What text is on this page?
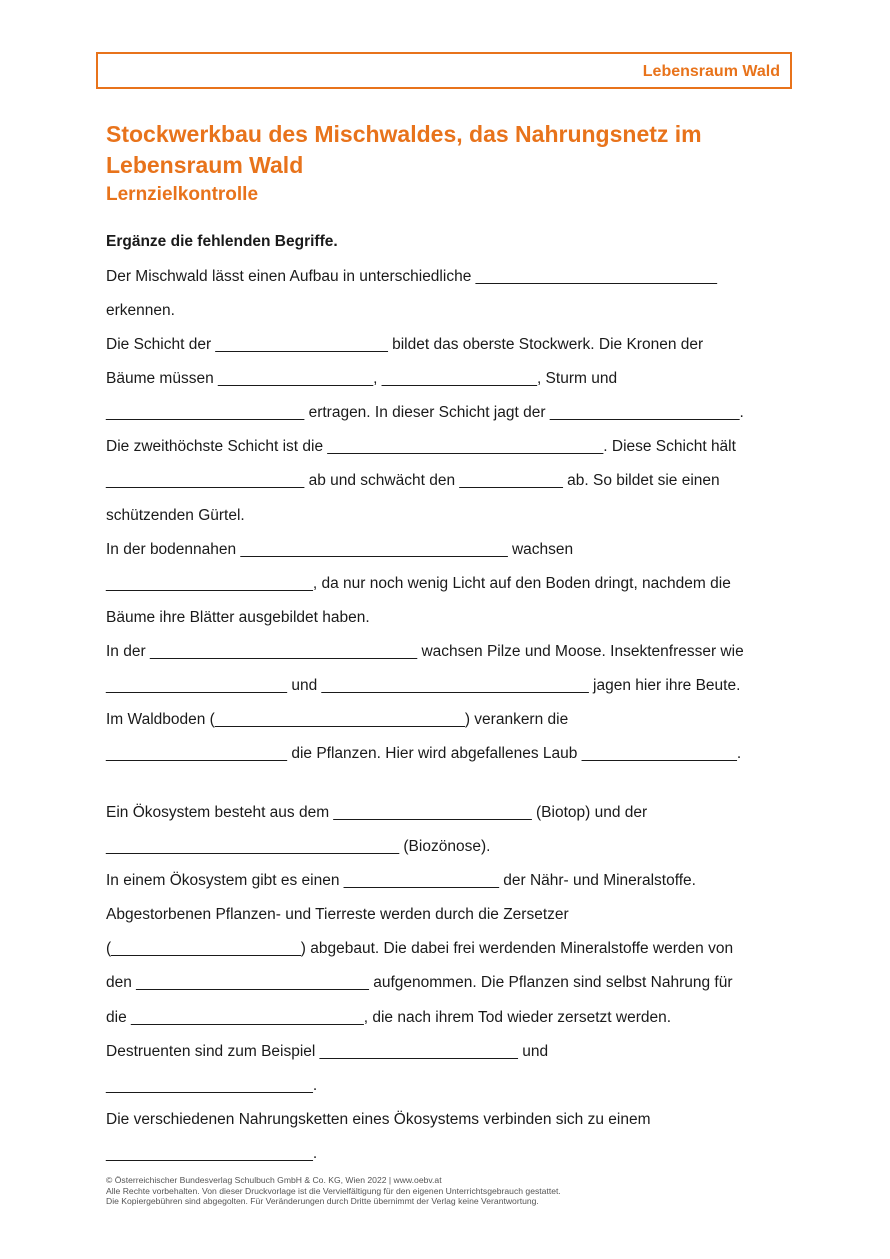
Lebensraum Wald
Stockwerkbau des Mischwaldes, das Nahrungsnetz im
Lebensraum Wald
Lernzielkontrolle
Ergänze die fehlenden Begriffe.
Der Mischwald lässt einen Aufbau in unterschiedliche ____________________________
erkennen.
Die Schicht der ____________________ bildet das oberste Stockwerk. Die Kronen der
Bäume müssen __________________, __________________, Sturm und
_______________________ ertragen. In dieser Schicht jagt der ______________________.
Die zweithöchste Schicht ist die ________________________________. Diese Schicht hält
_______________________ ab und schwächt den ____________ ab. So bildet sie einen
schützenden Gürtel.
In der bodennahen _______________________________ wachsen
________________________, da nur noch wenig Licht auf den Boden dringt, nachdem die
Bäume ihre Blätter ausgebildet haben.
In der _______________________________ wachsen Pilze und Moose. Insektenfresser wie
_____________________ und _______________________________ jagen hier ihre Beute.
Im Waldboden (_____________________________) verankern die
_____________________ die Pflanzen. Hier wird abgefallenes Laub __________________.
Ein Ökosystem besteht aus dem _______________________ (Biotop) und der
__________________________________ (Biozönose).
In einem Ökosystem gibt es einen __________________ der Nähr- und Mineralstoffe.
Abgestorbenen Pflanzen- und Tierreste werden durch die Zersetzer
(______________________) abgebaut. Die dabei frei werdenden Mineralstoffe werden von
den ___________________________ aufgenommen. Die Pflanzen sind selbst Nahrung für
die ___________________________, die nach ihrem Tod wieder zersetzt werden.
Destruenten sind zum Beispiel _______________________ und
________________________.
Die verschiedenen Nahrungsketten eines Ökosystems verbinden sich zu einem
________________________.
© Österreichischer Bundesverlag Schulbuch GmbH & Co. KG, Wien 2022 | www.oebv.at
Alle Rechte vorbehalten. Von dieser Druckvorlage ist die Vervielfältigung für den eigenen Unterrichtsgebrauch gestattet.
Die Kopiergebühren sind abgegolten. Für Veränderungen durch Dritte übernimmt der Verlag keine Verantwortung.
